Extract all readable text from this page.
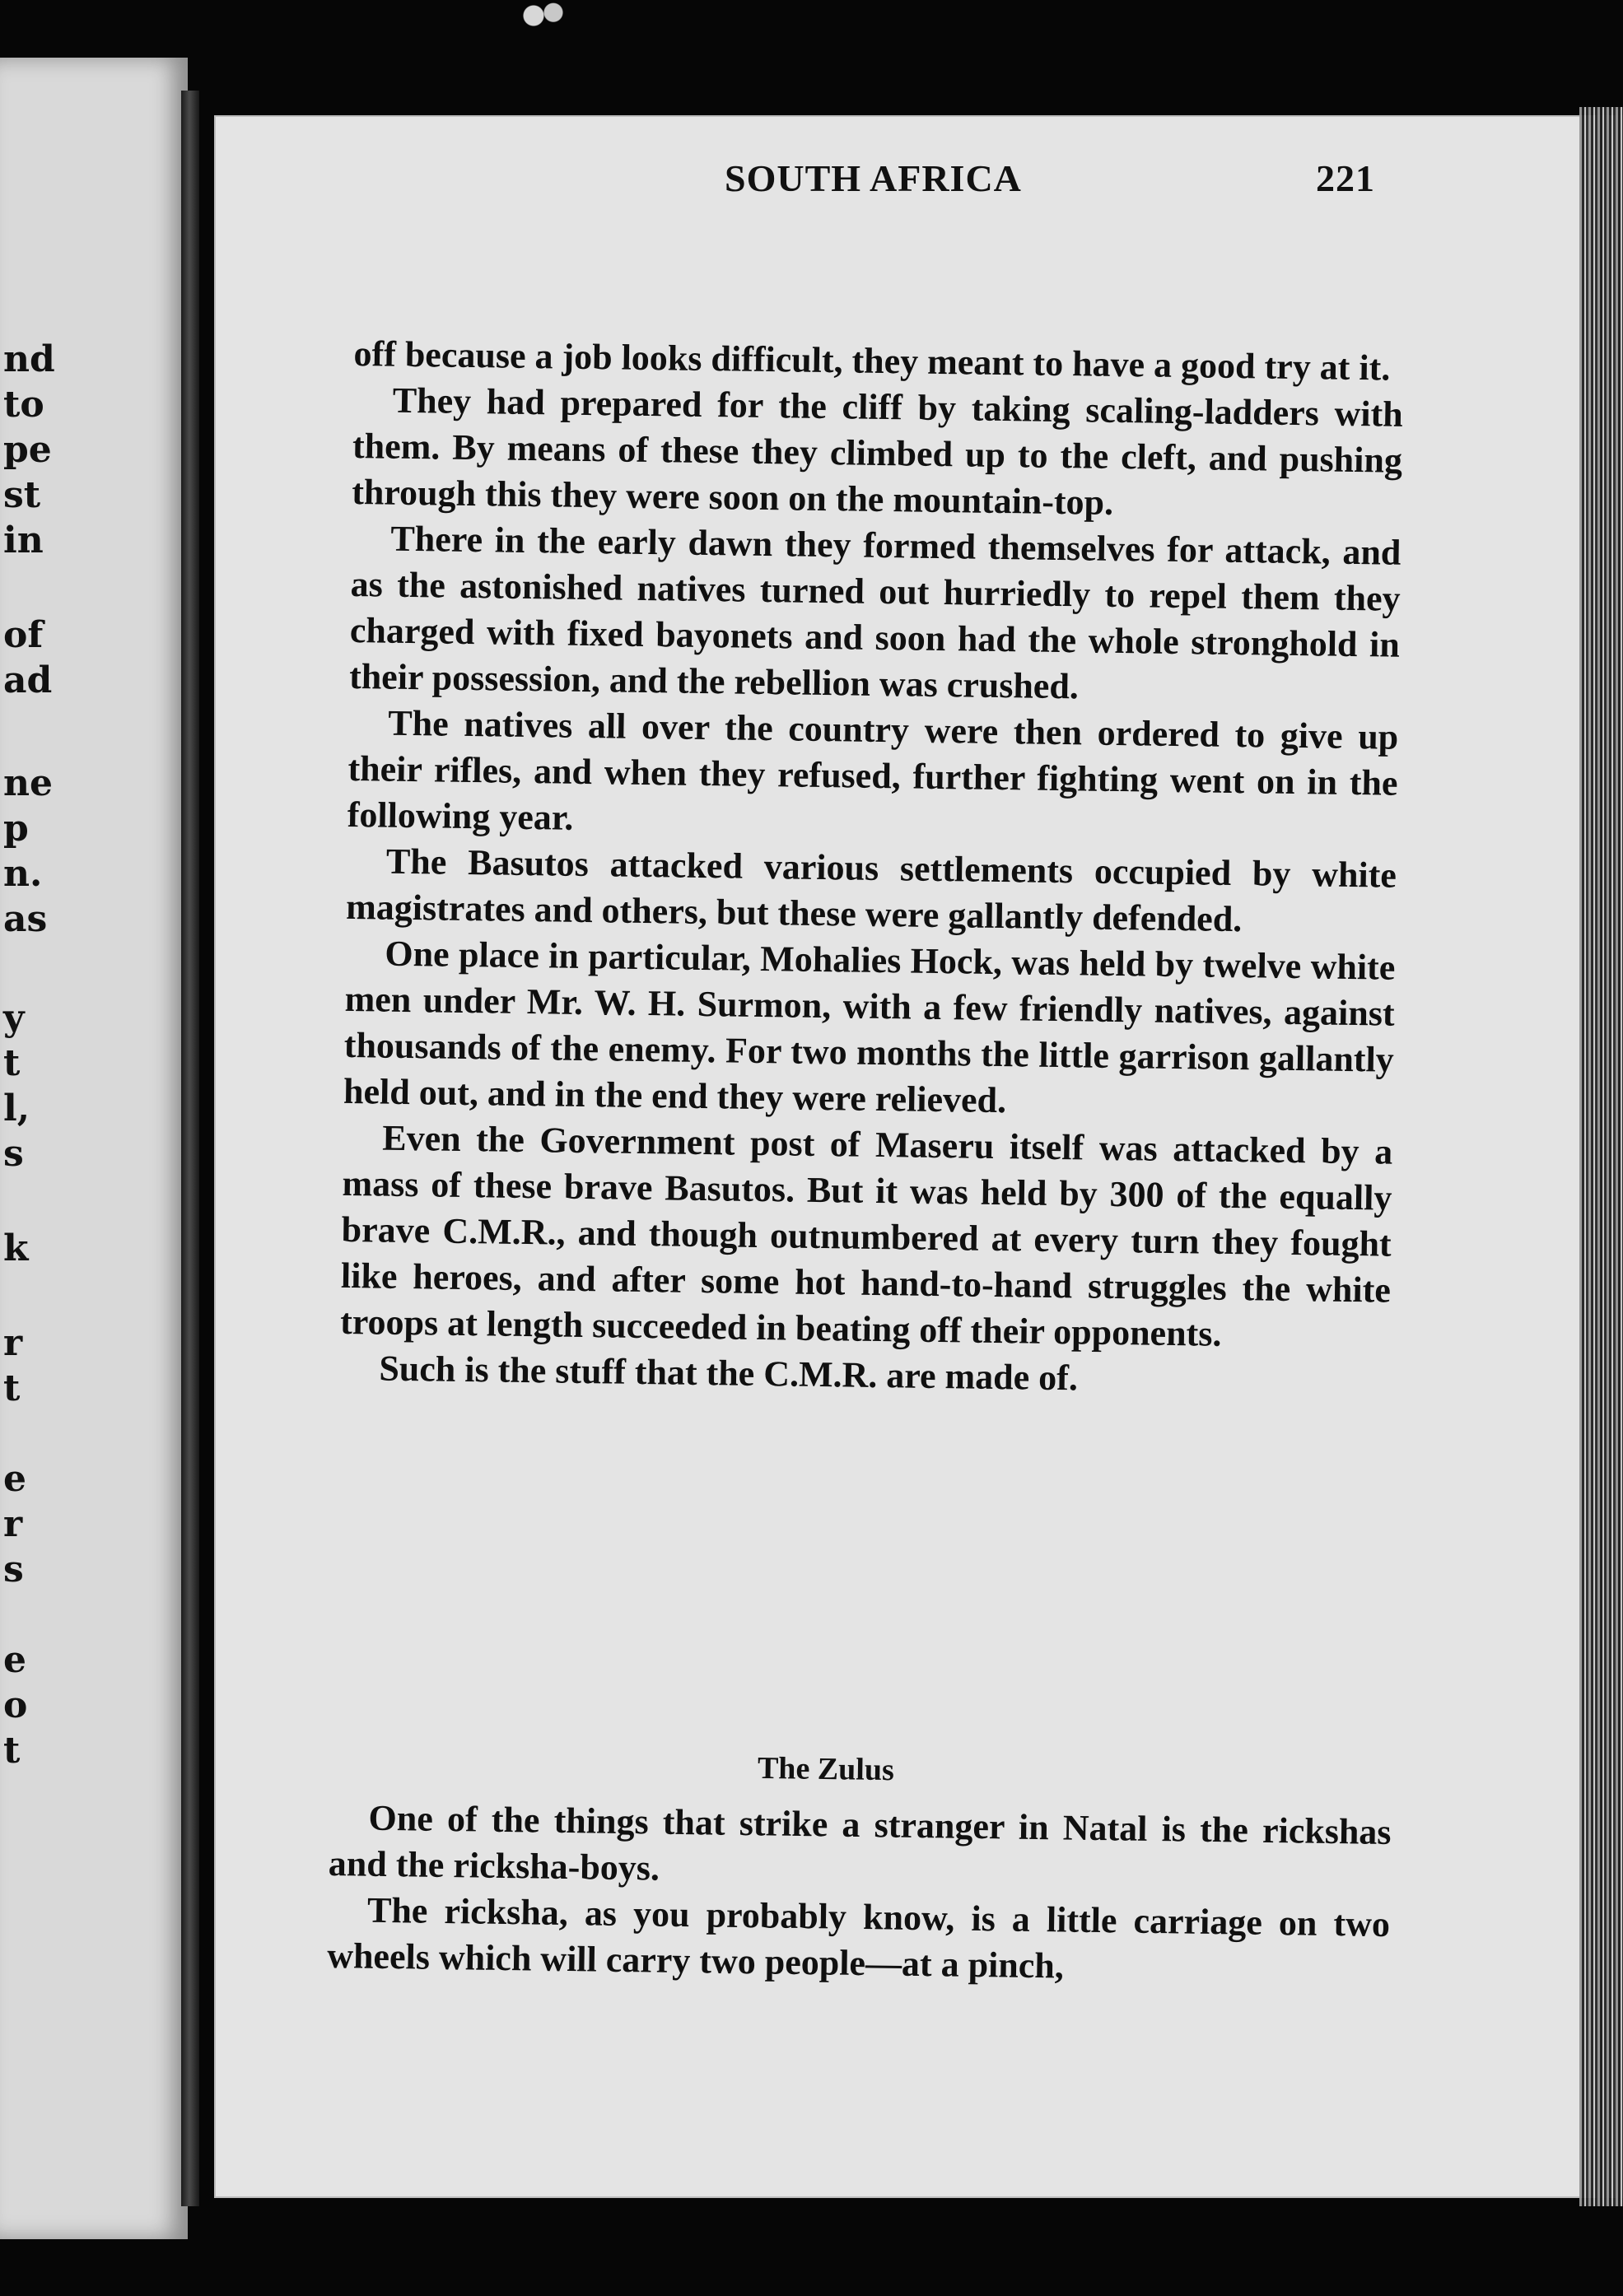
nd
to
pe
st
in
of
ad
ne
p
n.
as
y
t
l,
s
k
r
t
e
r
s
e
o
t
SOUTH AFRICA	221

off because a job looks difficult, they meant to have a good try at it.

They had prepared for the cliff by taking scaling-ladders with them. By means of these they climbed up to the cleft, and pushing through this they were soon on the mountain-top.

There in the early dawn they formed themselves for attack, and as the astonished natives turned out hurriedly to repel them they charged with fixed bayonets and soon had the whole stronghold in their possession, and the rebellion was crushed.

The natives all over the country were then ordered to give up their rifles, and when they refused, further fighting went on in the following year.

The Basutos attacked various settlements occupied by white magistrates and others, but these were gallantly defended.

One place in particular, Mohalies Hock, was held by twelve white men under Mr. W. H. Surmon, with a few friendly natives, against thousands of the enemy. For two months the little garrison gallantly held out, and in the end they were relieved.

Even the Government post of Maseru itself was attacked by a mass of these brave Basutos. But it was held by 300 of the equally brave C.M.R., and though outnumbered at every turn they fought like heroes, and after some hot hand-to-hand struggles the white troops at length succeeded in beating off their opponents.

Such is the stuff that the C.M.R. are made of.

The Zulus

One of the things that strike a stranger in Natal is the rickshas and the ricksha-boys.

The ricksha, as you probably know, is a little carriage on two wheels which will carry two people—at a pinch,
